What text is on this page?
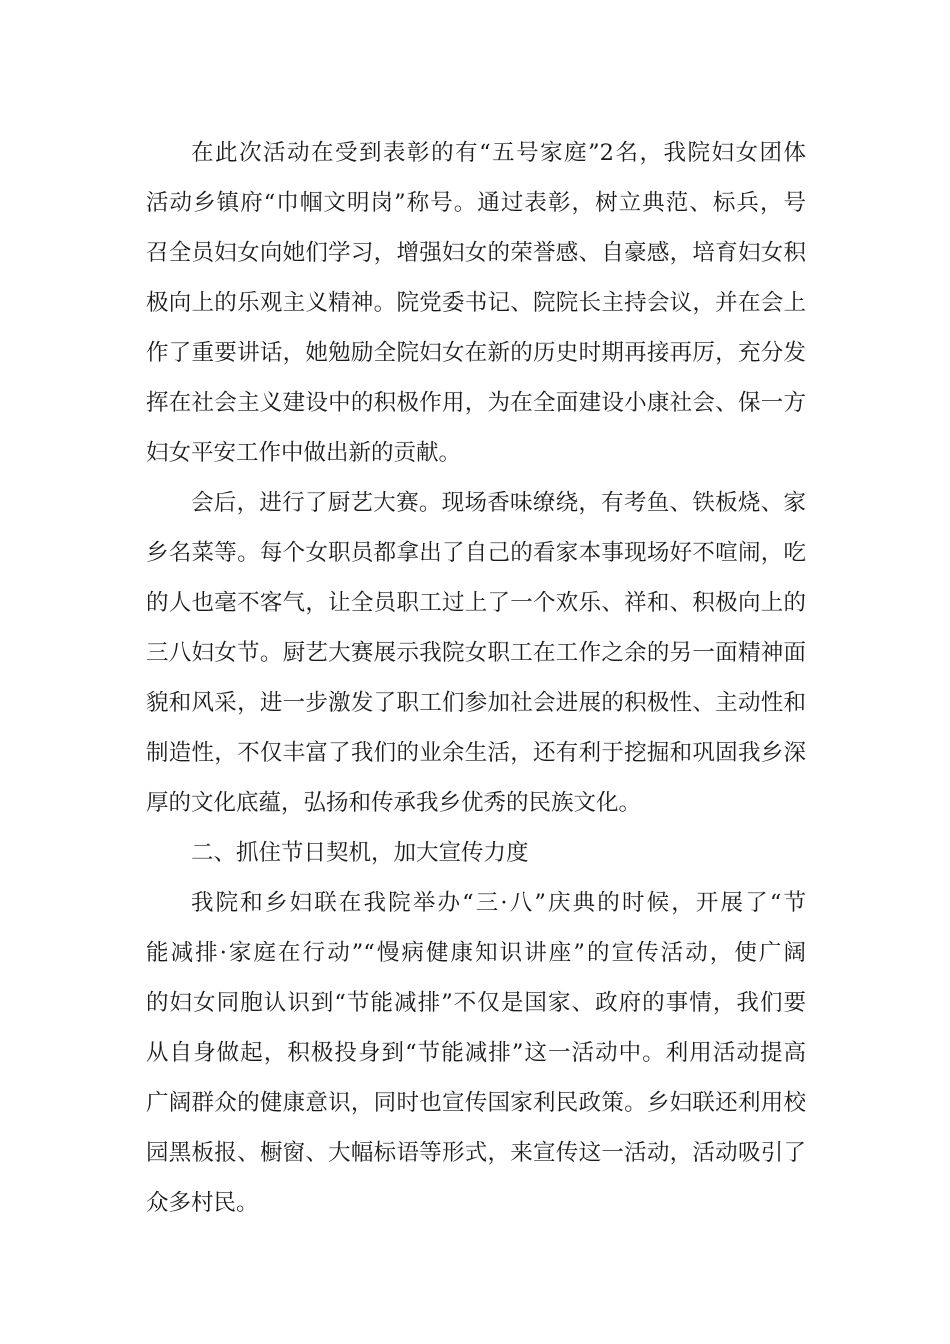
在此次活动在受到表彰的有“五号家庭”2名，我院妇女团体
活动乡镇府“巾帼文明岗”称号。通过表彰，树立典范、标兵，号
召全员妇女向她们学习，增强妇女的荣誉感、自豪感，培育妇女积
极向上的乐观主义精神。院党委书记、院院长主持会议，并在会上
作了重要讲话，她勉励全院妇女在新的历史时期再接再厉，充分发
挥在社会主义建设中的积极作用，为在全面建设小康社会、保一方
妇女平安工作中做出新的贡献。
会后，进行了厨艺大赛。现场香味缭绕，有考鱼、铁板烧、家
乡名菜等。每个女职员都拿出了自己的看家本事现场好不喧闹，吃
的人也毫不客气，让全员职工过上了一个欢乐、祥和、积极向上的
三八妇女节。厨艺大赛展示我院女职工在工作之余的另一面精神面
貌和风采，进一步激发了职工们参加社会进展的积极性、主动性和
制造性，不仅丰富了我们的业余生活，还有利于挖掘和巩固我乡深
厚的文化底蕴，弘扬和传承我乡优秀的民族文化。
二、抓住节日契机，加大宣传力度
我院和乡妇联在我院举办“三·八”庆典的时候，开展了“节
能减排·家庭在行动”“慢病健康知识讲座”的宣传活动，使广阔
的妇女同胞认识到“节能减排”不仅是国家、政府的事情，我们要
从自身做起，积极投身到“节能减排”这一活动中。利用活动提高
广阔群众的健康意识，同时也宣传国家利民政策。乡妇联还利用校
园黑板报、橱窗、大幅标语等形式，来宣传这一活动，活动吸引了
众多村民。
